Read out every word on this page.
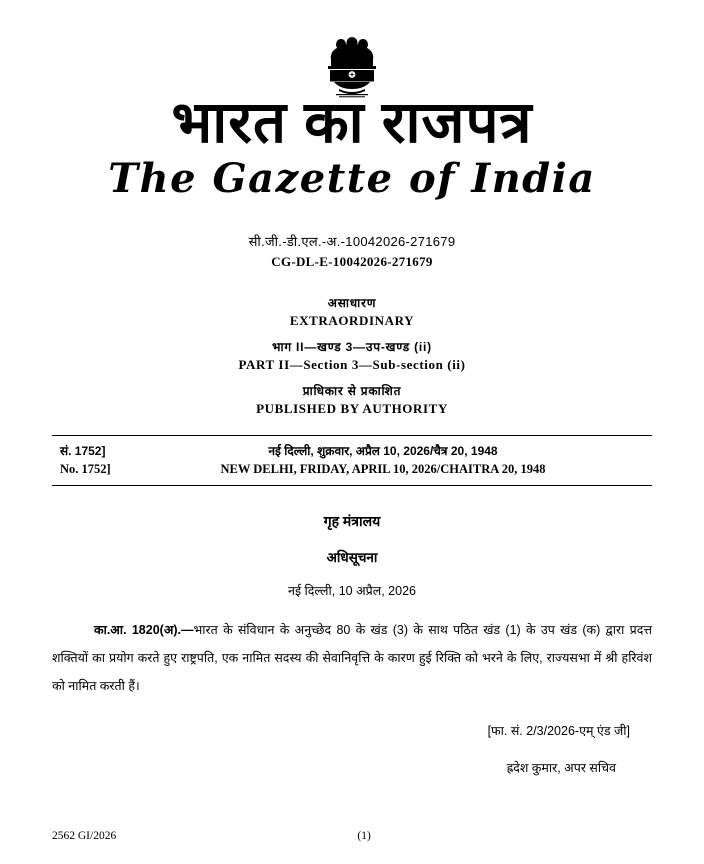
भारत का राजपत्र
The Gazette of India
सी.जी.-डी.एल.-अ.-10042026-271679
CG-DL-E-10042026-271679
असाधारण
EXTRAORDINARY
भाग II—खण्ड 3—उप-खण्ड (ii)
PART II—Section 3—Sub-section (ii)
प्राधिकार से प्रकाशित
PUBLISHED BY AUTHORITY
सं. 1752]	नई दिल्ली, शुक्रवार, अप्रैल 10, 2026/चैत्र 20, 1948
No. 1752]	NEW DELHI, FRIDAY, APRIL 10, 2026/CHAITRA 20, 1948
गृह मंत्रालय
अधिसूचना
नई दिल्ली, 10 अप्रैल, 2026

का.आ. 1820(अ).—भारत के संविधान के अनुच्छेद 80 के खंड (3) के साथ पठित खंड (1) के उप खंड (क) द्वारा प्रदत्त शक्तियों का प्रयोग करते हुए राष्ट्रपति, एक नामित सदस्य की सेवानिवृत्ति के कारण हुई रिक्ति को भरने के लिए, राज्यसभा में श्री हरिवंश को नामित करती हैं।

[फा. सं. 2/3/2026-एम् एंड जी]
ह्रदेश कुमार, अपर सचिव
2562 GI/2026	(1)
